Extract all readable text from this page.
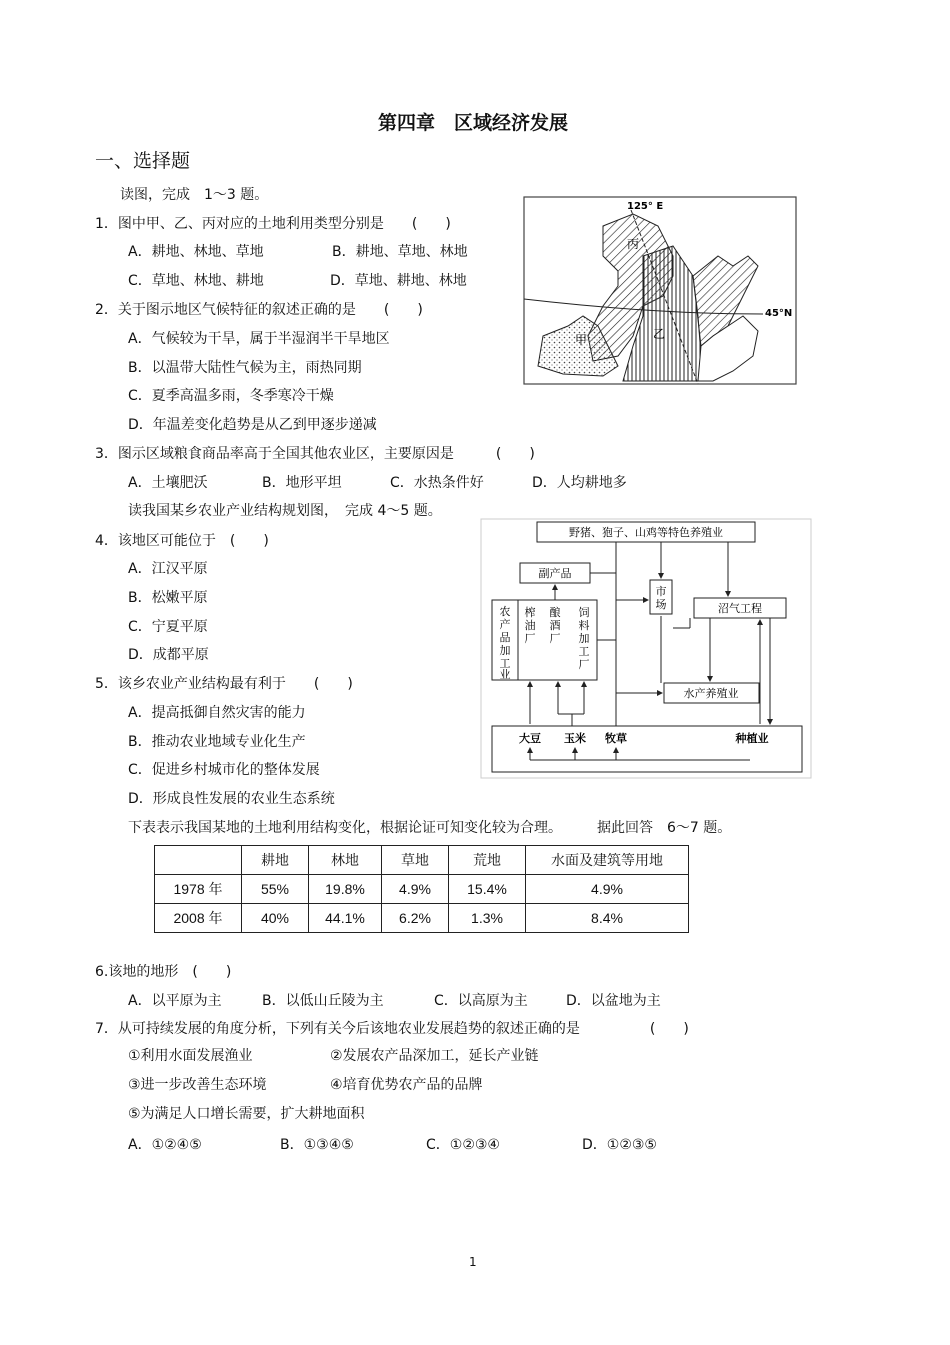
第四章　区域经济发展
一、选择题
读图，完成　1～3 题。
1．图中甲、乙、丙对应的土地利用类型分别是　　(　　)
A．耕地、林地、草地	B．耕地、草地、林地
C．草地、林地、耕地	D．草地、耕地、林地
2．关于图示地区气候特征的叙述正确的是　　(　　)
A．气候较为干旱，属于半湿润半干旱地区
B．以温带大陆性气候为主，雨热同期
C．夏季高温多雨，冬季寒冷干燥
D．年温差变化趋势是从乙到甲逐步递减
3．图示区域粮食商品率高于全国其他农业区，主要原因是　　　(　　)
A．土壤肥沃	B．地形平坦	C．水热条件好	D．人均耕地多
读我国某乡农业产业结构规划图，　完成 4～5 题。
4．该地区可能位于　(　　)
A．江汉平原
B．松嫩平原
C．宁夏平原
D．成都平原
5．该乡农业产业结构最有利于　　(　　)
A．提高抵御自然灾害的能力
B．推动农业地域专业化生产
C．促进乡村城市化的整体发展
D．形成良性发展的农业生态系统
下表表示我国某地的土地利用结构变化，根据论证可知变化较为合理。　　　据此回答　6～7 题。
	耕地	林地	草地	荒地	水面及建筑等用地
1978 年	55%	19.8%	4.9%	15.4%	4.9%
2008 年	40%	44.1%	6.2%	1.3%	8.4%
6.该地的地形　(　　)
A．以平原为主	B．以低山丘陵为主	C．以高原为主	D．以盆地为主
7．从可持续发展的角度分析，下列有关今后该地农业发展趋势的叙述正确的是　　　　　(　　)
①利用水面发展渔业	②发展农产品深加工，延长产业链
③进一步改善生态环境	④培育优势农产品的品牌
⑤为满足人口增长需要，扩大耕地面积
A．①②④⑤	B．①③④⑤	C．①②③④	D．①②③⑤
1
125° E
45°N
丙
乙
甲
野猪、狍子、山鸡等特色养殖业
副产品
农产品加工业
榨油厂
酿酒厂
饲料加工厂
市场	沼气工程
水产养殖业
大豆 玉米 牧草	种植业
